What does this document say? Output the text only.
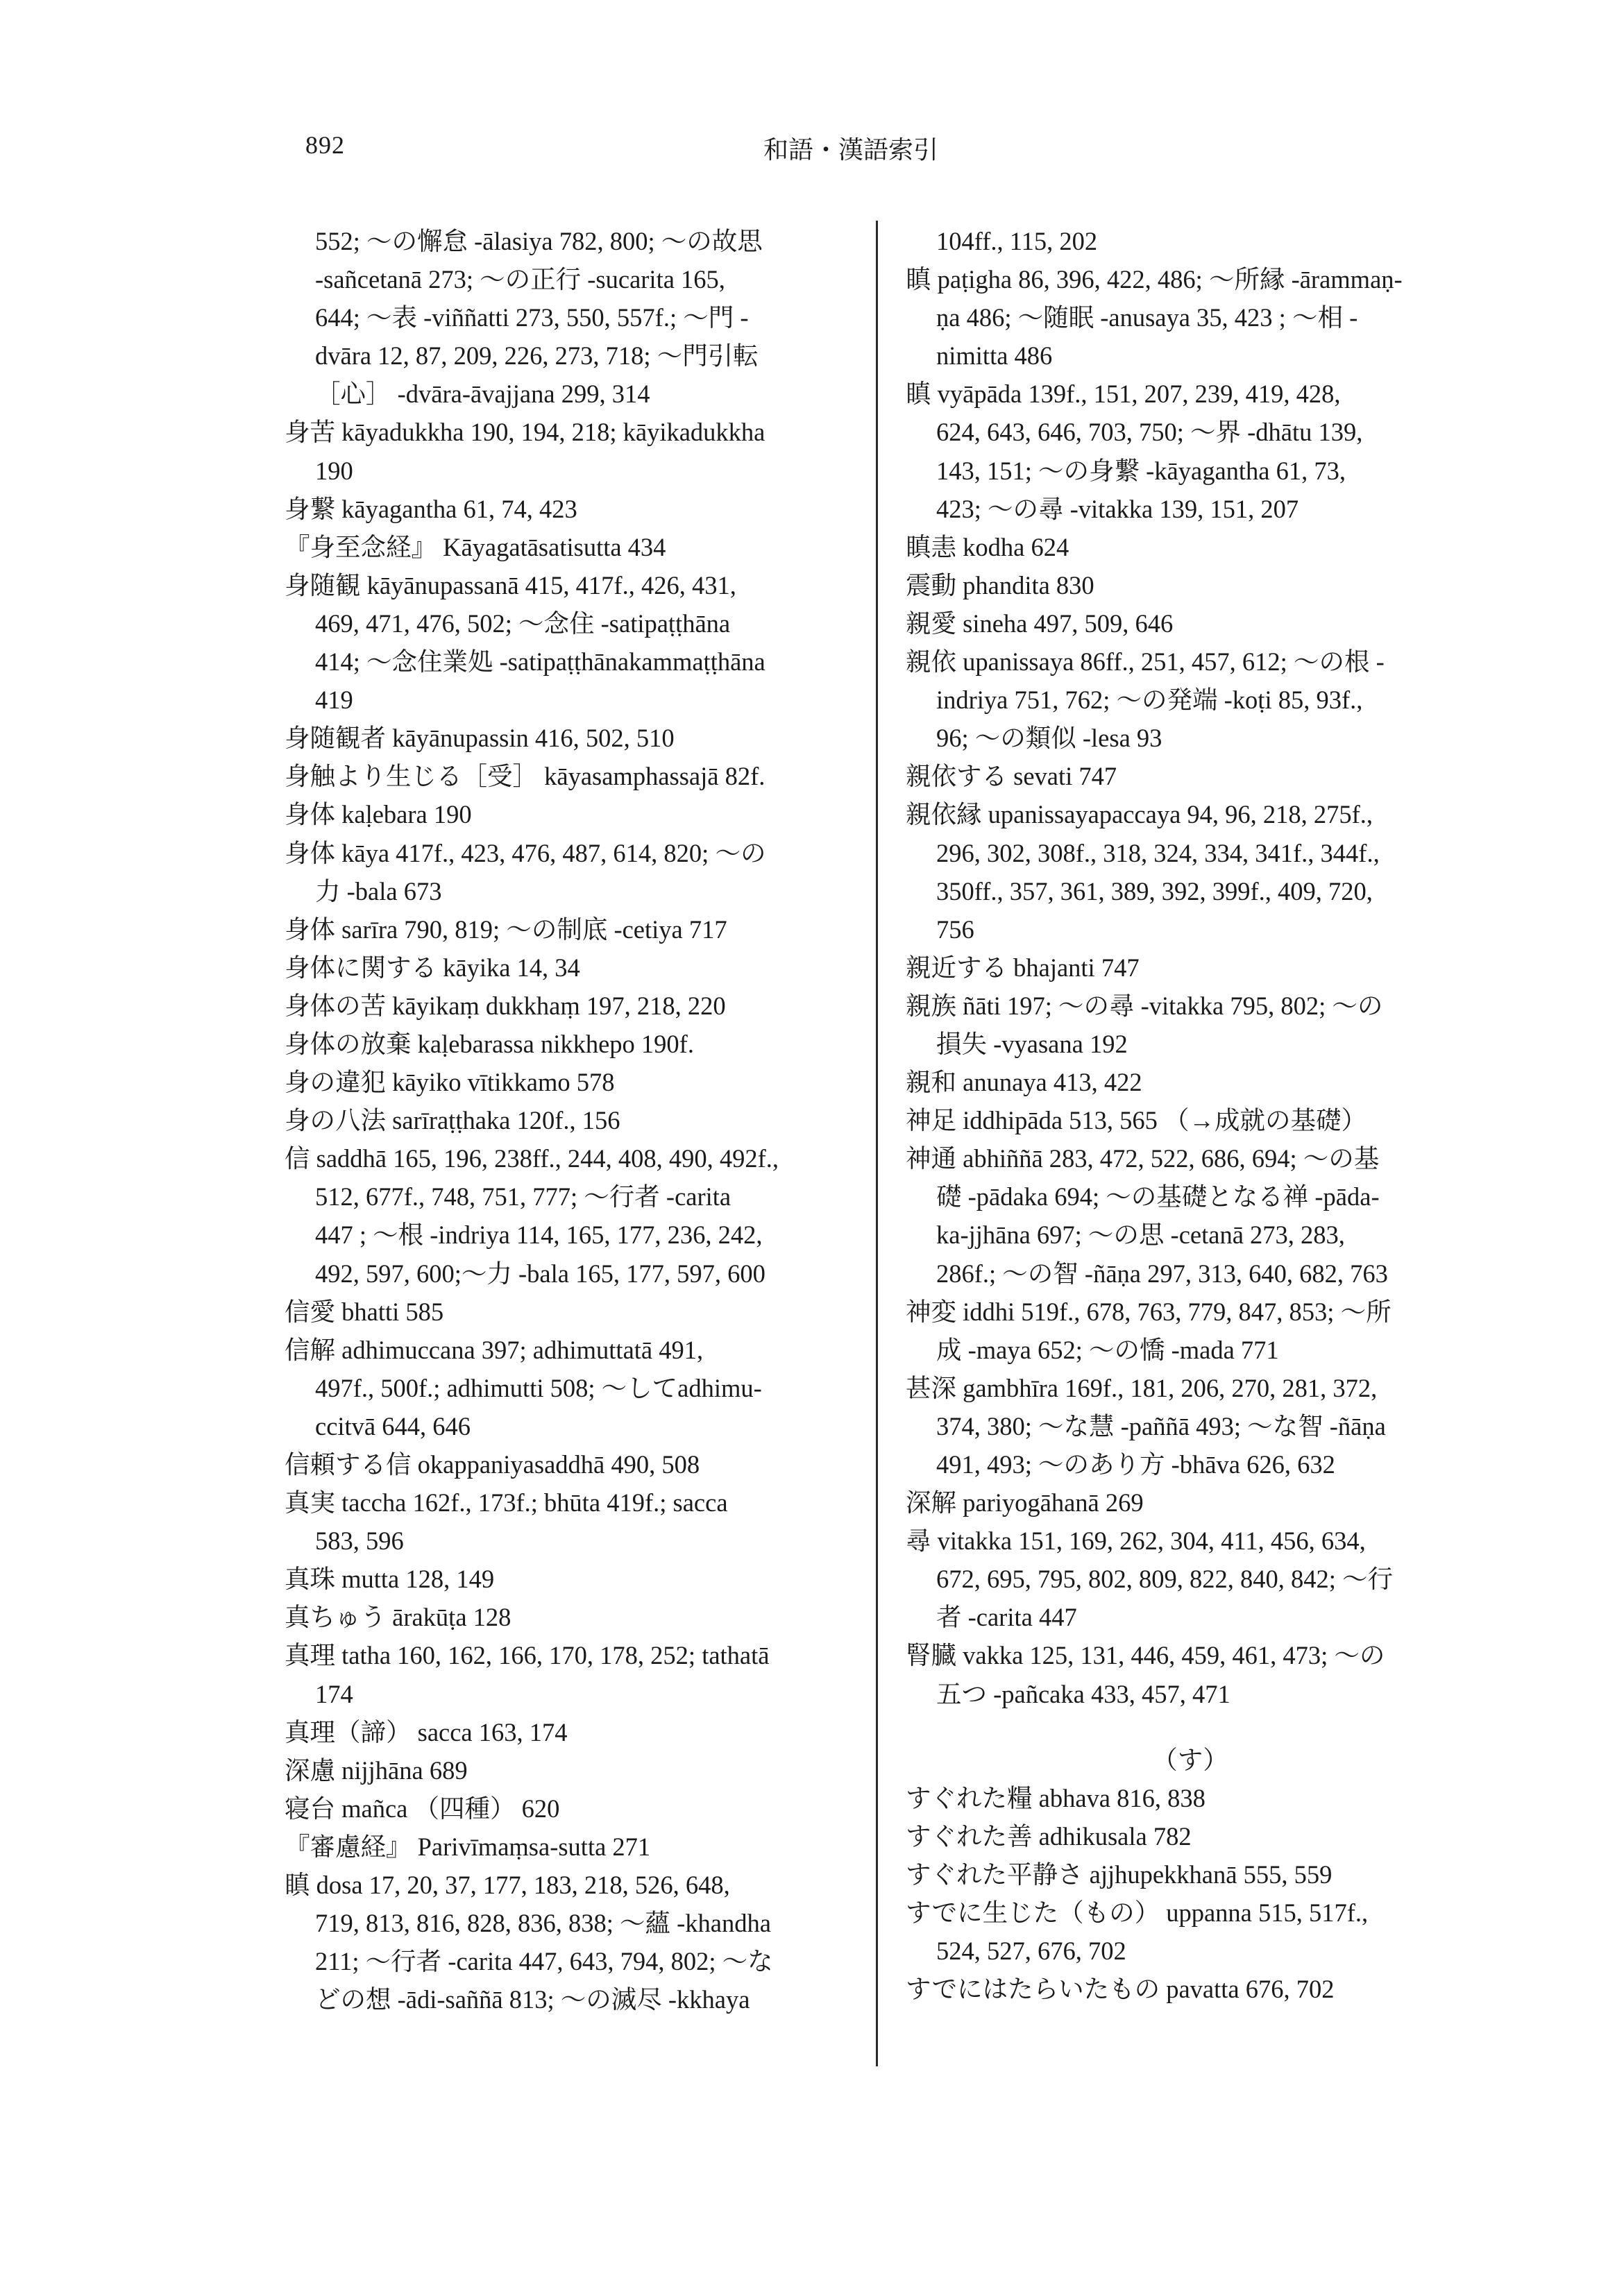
892	和語・漢語索引
552; ～の懈怠 -ālasiya 782, 800; ～の故思
-sañcetanā 273; ～の正行 -sucarita 165,
644; ～表 -viññatti 273, 550, 557f.; ～門 -
dvāra 12, 87, 209, 226, 273, 718; ～門引転
［心］ -dvāra-āvajjana 299, 314
身苦 kāyadukkha 190, 194, 218; kāyikadukkha
190
身繋 kāyagantha 61, 74, 423
『身至念経』 Kāyagatāsatisutta 434
身随観 kāyānupassanā 415, 417f., 426, 431,
469, 471, 476, 502; ～念住 -satipaṭṭhāna
414; ～念住業処 -satipaṭṭhānakammaṭṭhāna
419
身随観者 kāyānupassin 416, 502, 510
身触より生じる［受］ kāyasamphassajā 82f.
身体 kaḷebara 190
身体 kāya 417f., 423, 476, 487, 614, 820; ～の
力 -bala 673
身体 sarīra 790, 819; ～の制底 -cetiya 717
身体に関する kāyika 14, 34
身体の苦 kāyikaṃ dukkhaṃ 197, 218, 220
身体の放棄 kaḷebarassa nikkhepo 190f.
身の違犯 kāyiko vītikkamo 578
身の八法 sarīraṭṭhaka 120f., 156
信 saddhā 165, 196, 238ff., 244, 408, 490, 492f.,
512, 677f., 748, 751, 777; ～行者 -carita
447 ; ～根 -indriya 114, 165, 177, 236, 242,
492, 597, 600;～力 -bala 165, 177, 597, 600
信愛 bhatti 585
信解 adhimuccana 397; adhimuttatā 491,
497f., 500f.; adhimutti 508; ～してadhimu-
ccitvā 644, 646
信頼する信 okappaniyasaddhā 490, 508
真実 taccha 162f., 173f.; bhūta 419f.; sacca
583, 596
真珠 mutta 128, 149
真ちゅう ārakūṭa 128
真理 tatha 160, 162, 166, 170, 178, 252; tathatā
174
真理（諦） sacca 163, 174
深慮 nijjhāna 689
寝台 mañca （四種） 620
『審慮経』 Parivīmaṃsa-sutta 271
瞋 dosa 17, 20, 37, 177, 183, 218, 526, 648,
719, 813, 816, 828, 836, 838; ～蘊 -khandha
211; ～行者 -carita 447, 643, 794, 802; ～な
どの想 -ādi-saññā 813; ～の滅尽 -kkhaya
104ff., 115, 202
瞋 paṭigha 86, 396, 422, 486; ～所縁 -ārammaṇ-
ṇa 486; ～随眠 -anusaya 35, 423 ; ～相 -
nimitta 486
瞋 vyāpāda 139f., 151, 207, 239, 419, 428,
624, 643, 646, 703, 750; ～界 -dhātu 139,
143, 151; ～の身繋 -kāyagantha 61, 73,
423; ～の尋 -vitakka 139, 151, 207
瞋恚 kodha 624
震動 phandita 830
親愛 sineha 497, 509, 646
親依 upanissaya 86ff., 251, 457, 612; ～の根 -
indriya 751, 762; ～の発端 -koṭi 85, 93f.,
96; ～の類似 -lesa 93
親依する sevati 747
親依縁 upanissayapaccaya 94, 96, 218, 275f.,
296, 302, 308f., 318, 324, 334, 341f., 344f.,
350ff., 357, 361, 389, 392, 399f., 409, 720,
756
親近する bhajanti 747
親族 ñāti 197; ～の尋 -vitakka 795, 802; ～の
損失 -vyasana 192
親和 anunaya 413, 422
神足 iddhipāda 513, 565 （→成就の基礎）
神通 abhiññā 283, 472, 522, 686, 694; ～の基
礎 -pādaka 694; ～の基礎となる禅 -pāda-
ka-jjhāna 697; ～の思 -cetanā 273, 283,
286f.; ～の智 -ñāṇa 297, 313, 640, 682, 763
神変 iddhi 519f., 678, 763, 779, 847, 853; ～所
成 -maya 652; ～の憍 -mada 771
甚深 gambhīra 169f., 181, 206, 270, 281, 372,
374, 380; ～な慧 -paññā 493; ～な智 -ñāṇa
491, 493; ～のあり方 -bhāva 626, 632
深解 pariyogāhanā 269
尋 vitakka 151, 169, 262, 304, 411, 456, 634,
672, 695, 795, 802, 809, 822, 840, 842; ～行
者 -carita 447
腎臓 vakka 125, 131, 446, 459, 461, 473; ～の
五つ -pañcaka 433, 457, 471
（す）
すぐれた糧 abhava 816, 838
すぐれた善 adhikusala 782
すぐれた平静さ ajjhupekkhanā 555, 559
すでに生じた（もの） uppanna 515, 517f.,
524, 527, 676, 702
すでにはたらいたもの pavatta 676, 702
